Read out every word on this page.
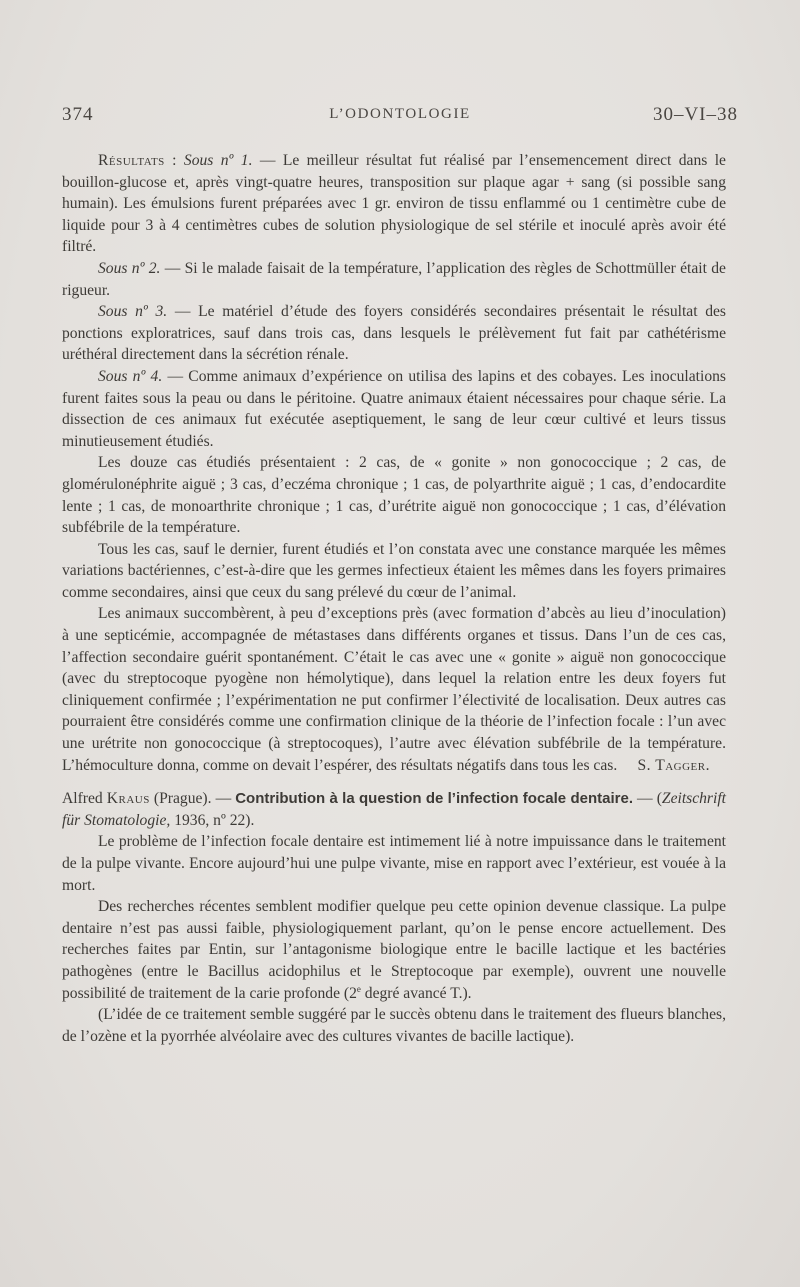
374	L’ODONTOLOGIE	30–VI–38

Résultats : Sous nº 1. — Le meilleur résultat fut réalisé par l’ensemencement direct dans le bouillon-glucose et, après vingt-quatre heures, transposition sur plaque agar + sang (si possible sang humain). Les émulsions furent préparées avec 1 gr. environ de tissu enflammé ou 1 centimètre cube de liquide pour 3 à 4 centimètres cubes de solution physiologique de sel stérile et inoculé après avoir été filtré.

Sous nº 2. — Si le malade faisait de la température, l’application des règles de Schottmüller était de rigueur.

Sous nº 3. — Le matériel d’étude des foyers considérés secondaires présentait le résultat des ponctions exploratrices, sauf dans trois cas, dans lesquels le prélèvement fut fait par cathétérisme uréthéral directement dans la sécrétion rénale.

Sous nº 4. — Comme animaux d’expérience on utilisa des lapins et des cobayes. Les inoculations furent faites sous la peau ou dans le péritoine. Quatre animaux étaient nécessaires pour chaque série. La dissection de ces animaux fut exécutée aseptiquement, le sang de leur cœur cultivé et leurs tissus minutieusement étudiés.

Les douze cas étudiés présentaient : 2 cas, de « gonite » non gonococcique ; 2 cas, de glomérulonéphrite aiguë ; 3 cas, d’eczéma chronique ; 1 cas, de polyarthrite aiguë ; 1 cas, d’endocardite lente ; 1 cas, de monoarthrite chronique ; 1 cas, d’urétrite aiguë non gonococcique ; 1 cas, d’élévation subfébrile de la température.

Tous les cas, sauf le dernier, furent étudiés et l’on constata avec une constance marquée les mêmes variations bactériennes, c’est-à-dire que les germes infectieux étaient les mêmes dans les foyers primaires comme secondaires, ainsi que ceux du sang prélevé du cœur de l’animal.

Les animaux succombèrent, à peu d’exceptions près (avec formation d’abcès au lieu d’inoculation) à une septicémie, accompagnée de métastases dans différents organes et tissus. Dans l’un de ces cas, l’affection secondaire guérit spontanément. C’était le cas avec une « gonite » aiguë non gonococcique (avec du streptocoque pyogène non hémolytique), dans lequel la relation entre les deux foyers fut cliniquement confirmée ; l’expérimentation ne put confirmer l’électivité de localisation. Deux autres cas pourraient être considérés comme une confirmation clinique de la théorie de l’infection focale : l’un avec une urétrite non gonococcique (à streptocoques), l’autre avec élévation subfébrile de la température. L’hémoculture donna, comme on devait l’espérer, des résultats négatifs dans tous les cas.	S. Tagger.

Alfred Kraus (Prague). — Contribution à la question de l’infection focale dentaire. — (Zeitschrift für Stomatologie, 1936, nº 22).

Le problème de l’infection focale dentaire est intimement lié à notre impuissance dans le traitement de la pulpe vivante. Encore aujourd’hui une pulpe vivante, mise en rapport avec l’extérieur, est vouée à la mort.

Des recherches récentes semblent modifier quelque peu cette opinion devenue classique. La pulpe dentaire n’est pas aussi faible, physiologiquement parlant, qu’on le pense encore actuellement. Des recherches faites par Entin, sur l’antagonisme biologique entre le bacille lactique et les bactéries pathogènes (entre le Bacillus acidophilus et le Streptocoque par exemple), ouvrent une nouvelle possibilité de traitement de la carie profonde (2e degré avancé T.).

(L’idée de ce traitement semble suggéré par le succès obtenu dans le traitement des flueurs blanches, de l’ozène et la pyorrhée alvéolaire avec des cultures vivantes de bacille lactique).
